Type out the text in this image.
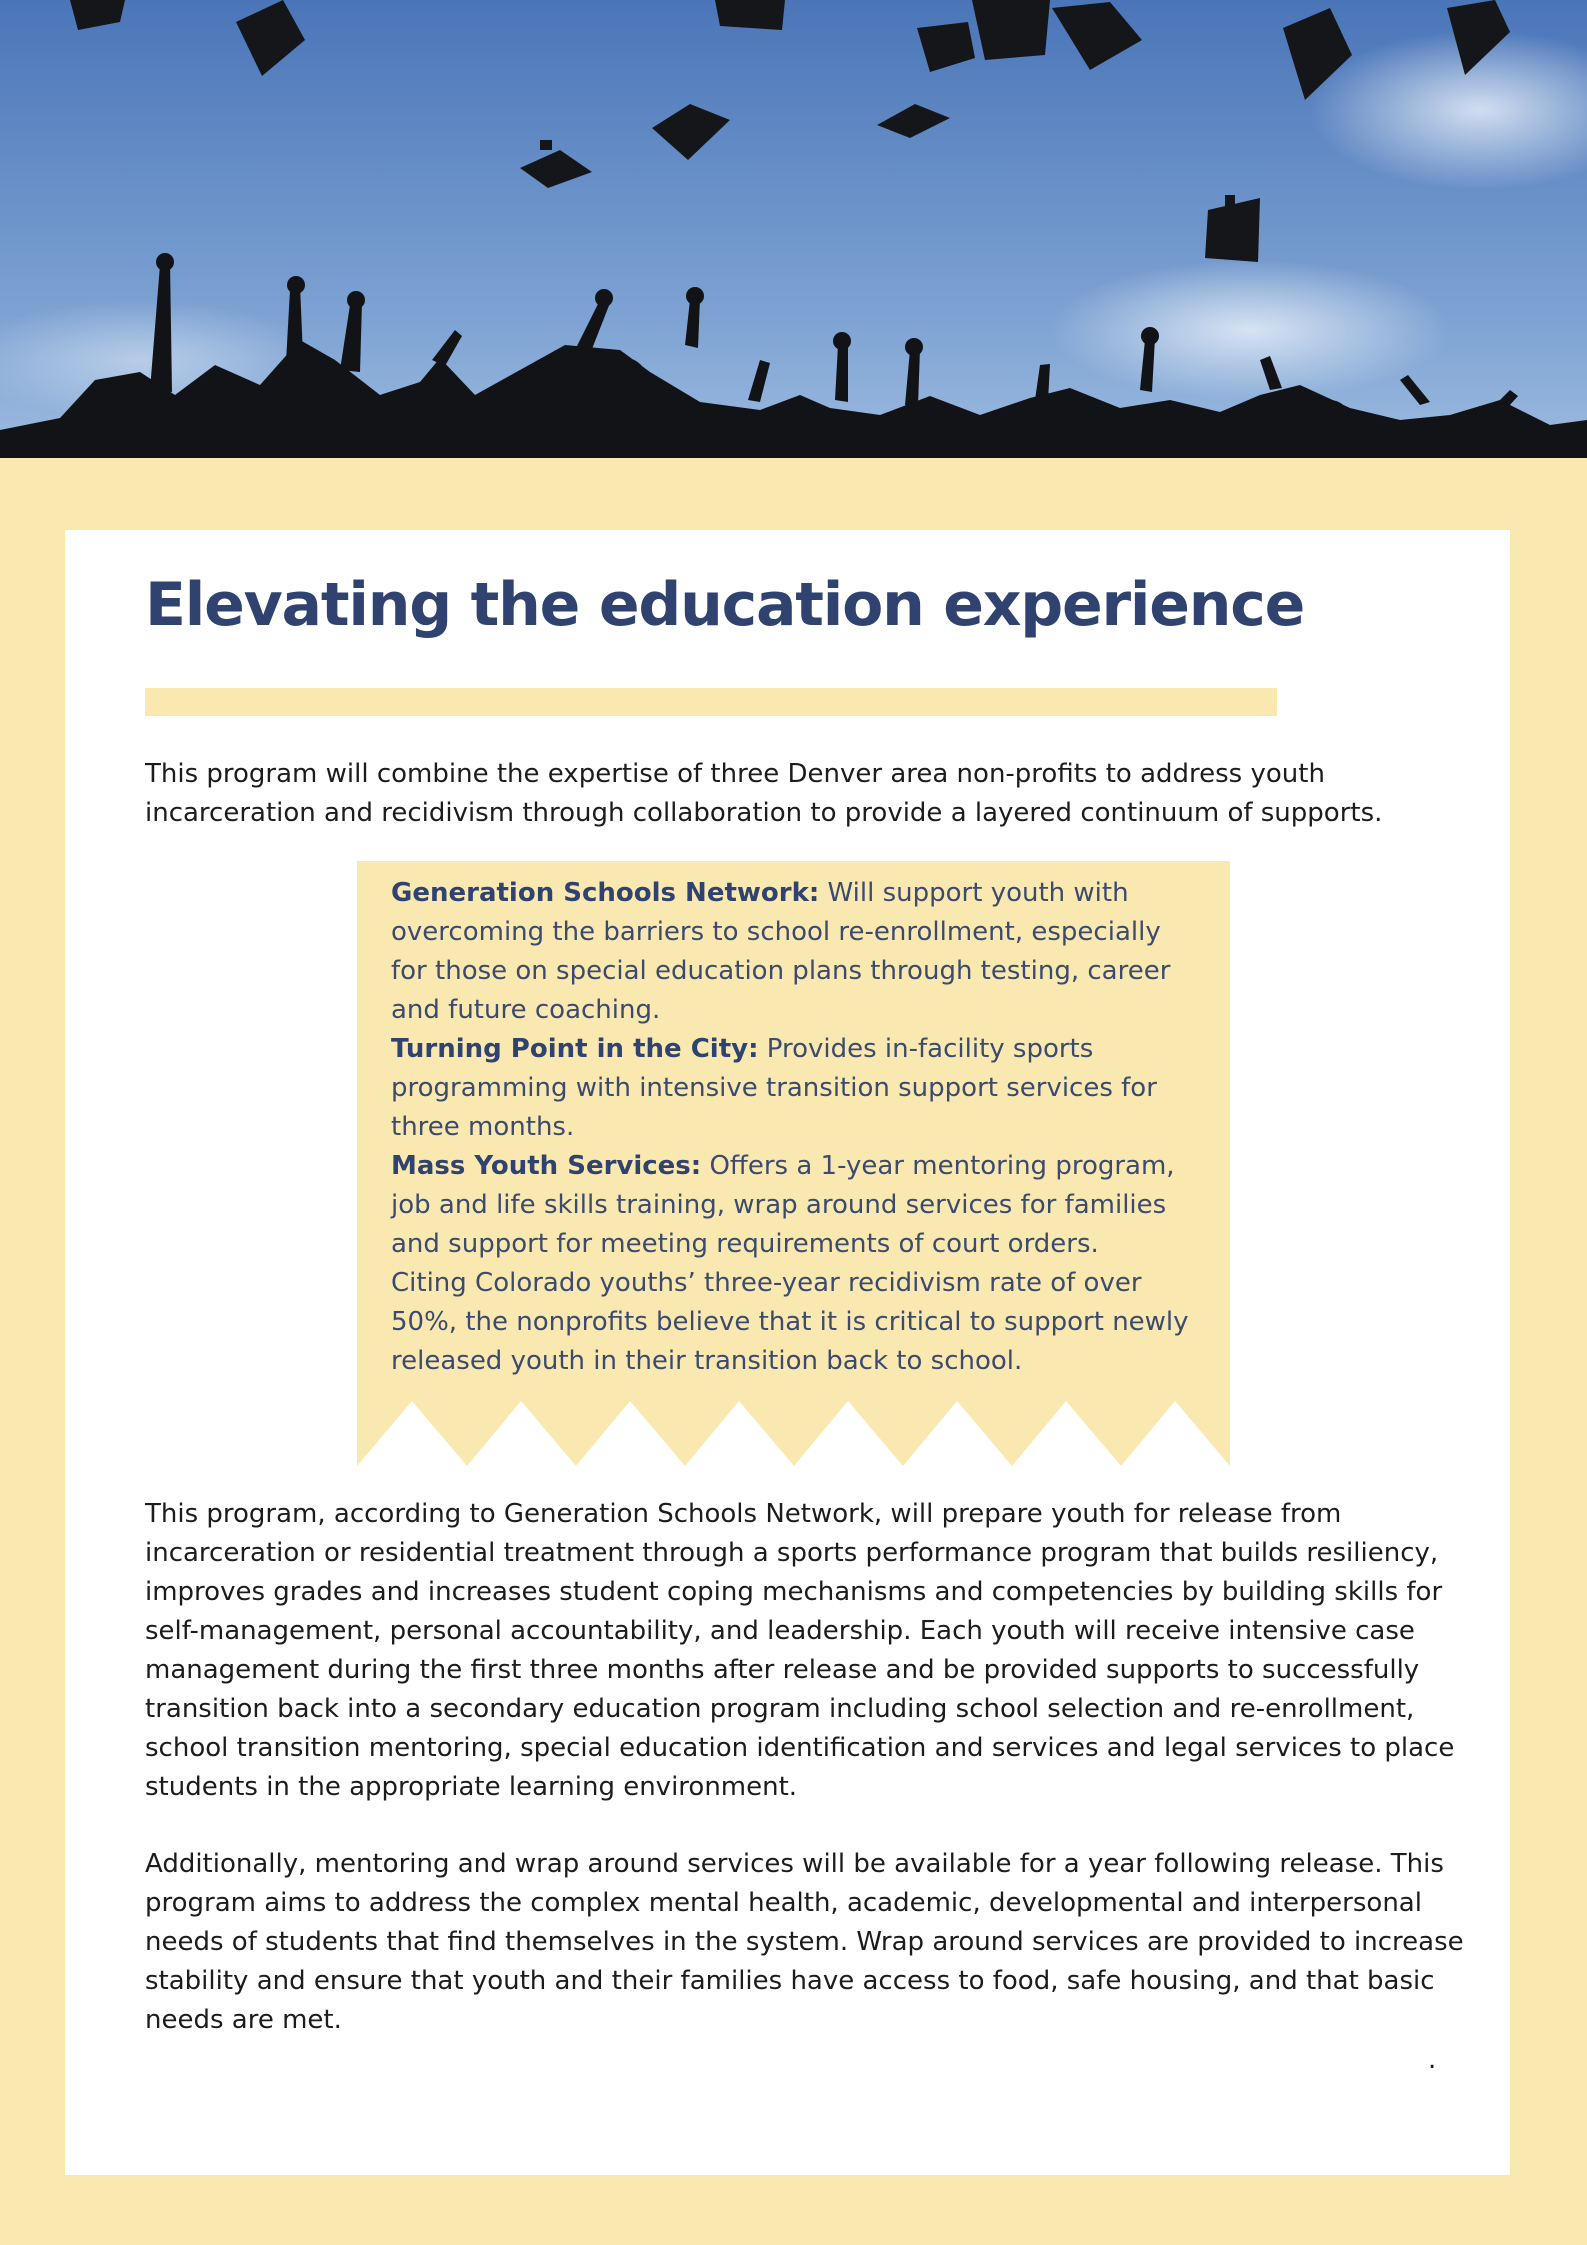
Elevating the education experience

This program will combine the expertise of three Denver area non-profits to address youth incarceration and recidivism through collaboration to provide a layered continuum of supports.

Generation Schools Network: Will support youth with overcoming the barriers to school re-enrollment, especially for those on special education plans through testing, career and future coaching.
Turning Point in the City: Provides in-facility sports programming with intensive transition support services for three months.
Mass Youth Services: Offers a 1-year mentoring program, job and life skills training, wrap around services for families and support for meeting requirements of court orders.
Citing Colorado youths’ three-year recidivism rate of over 50%, the nonprofits believe that it is critical to support newly released youth in their transition back to school.

This program, according to Generation Schools Network, will prepare youth for release from incarceration or residential treatment through a sports performance program that builds resiliency, improves grades and increases student coping mechanisms and competencies by building skills for self-management, personal accountability, and leadership. Each youth will receive intensive case management during the first three months after release and be provided supports to successfully transition back into a secondary education program including school selection and re-enrollment, school transition mentoring, special education identification and services and legal services to place students in the appropriate learning environment.

Additionally, mentoring and wrap around services will be available for a year following release. This program aims to address the complex mental health, academic, developmental and interpersonal needs of students that find themselves in the system. Wrap around services are provided to increase stability and ensure that youth and their families have access to food, safe housing, and that basic needs are met.

.
